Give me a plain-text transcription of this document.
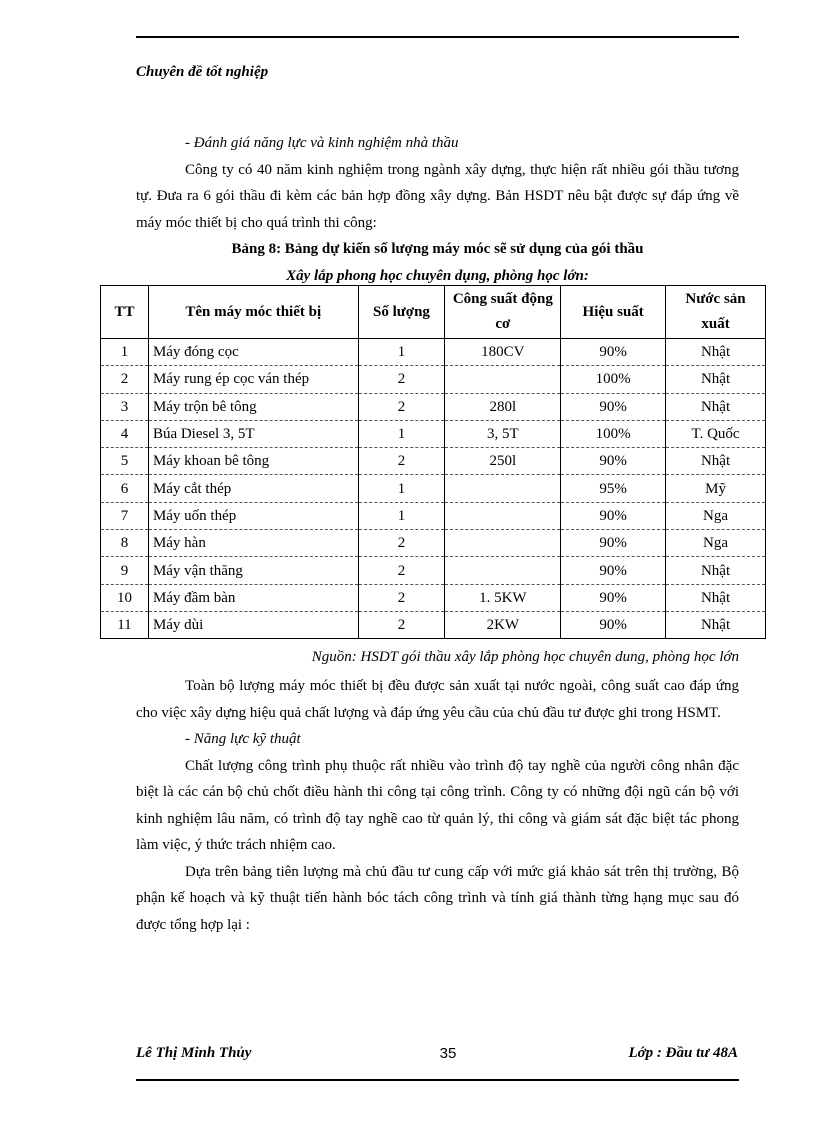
Chuyên đề tốt nghiệp

- Đánh giá năng lực và kinh nghiệm nhà thầu

Công ty có 40 năm kinh nghiệm trong ngành xây dựng, thực hiện rất nhiều gói thầu tương tự. Đưa ra 6 gói thầu đi kèm các bản hợp đồng xây dựng. Bản HSDT nêu bật được sự đáp ứng về máy móc thiết bị cho quá trình thi công:

Bảng 8: Bảng dự kiến số lượng máy móc sẽ sử dụng của gói thầu

Xây lắp phong học chuyên dụng, phòng học lớn:

TT	Tên máy móc thiết bị	Số lượng	Công suất động cơ	Hiệu suất	Nước sản xuất
1	Máy đóng cọc	1	180CV	90%	Nhật
2	Máy rung ép cọc ván thép	2		100%	Nhật
3	Máy trộn bê tông	2	280l	90%	Nhật
4	Búa Diesel 3, 5T	1	3, 5T	100%	T. Quốc
5	Máy khoan bê tông	2	250l	90%	Nhật
6	Máy cắt thép	1		95%	Mỹ
7	Máy uốn thép	1		90%	Nga
8	Máy hàn	2		90%	Nga
9	Máy vận thăng	2		90%	Nhật
10	Máy đầm bàn	2	1. 5KW	90%	Nhật
11	Máy dùi	2	2KW	90%	Nhật
Nguồn: HSDT gói thầu xây lắp phòng học chuyên dung, phòng học lớn

Toàn bộ lượng máy móc thiết bị đều được sản xuất tại nước ngoài, công suất cao đáp ứng cho việc xây dựng hiệu quả chất lượng và đáp ứng yêu cầu của chủ đầu tư được ghi trong HSMT.

- Năng lực kỹ thuật

Chất lượng công trình phụ thuộc rất nhiều vào trình độ tay nghề của người công nhân đặc biệt là các cán bộ chủ chốt điều hành thi công tại công trình. Công ty có những đội ngũ cán bộ với kinh nghiệm lâu năm, có trình độ tay nghề cao từ quản lý, thi công và giám sát đặc biệt tác phong làm việc, ý thức trách nhiệm cao.

Dựa trên bảng tiên lượng mà chủ đầu tư cung cấp với mức giá khảo sát trên thị trường, Bộ phận kế hoạch và kỹ thuật tiến hành bóc tách công trình và tính giá thành từng hạng mục sau đó được tổng hợp lại :

Lê Thị Minh Thủy	35	Lớp : Đầu tư 48A
